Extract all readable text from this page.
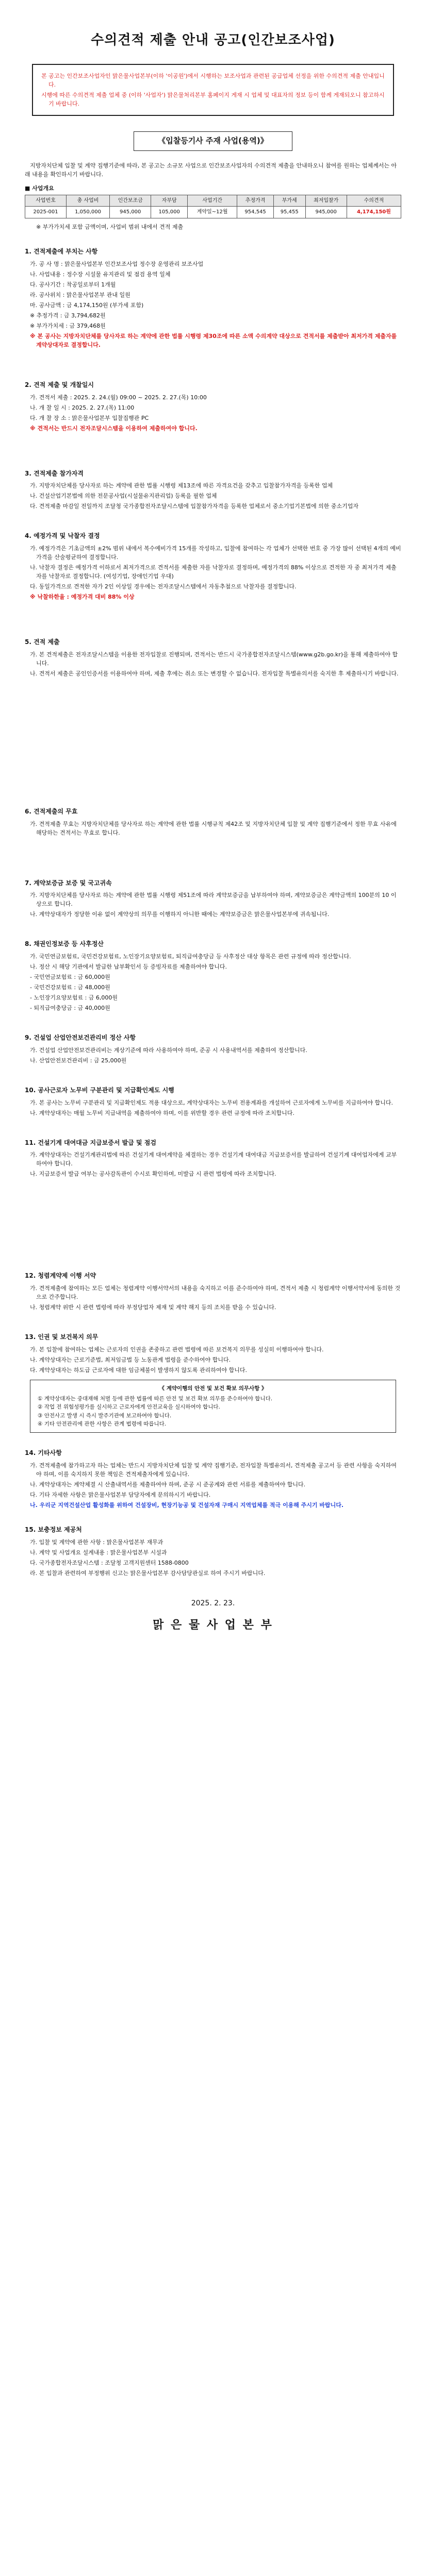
수의견적 제출 안내 공고(인간보조사업)

본 공고는 인간보조사업자인 맑은물사업본부(이하 '이공원')에서 시행하는 보조사업과 관련된 공급업체 선정을 위한 수의견적 제출 안내입니다.

시행에 따른 수의견적 제출 업체 중 (이하 '사업자') 맑은물처리본부 홈페이지 게재 시 업체 및 대표자의 정보 등이 함께 게재되오니 참고하시기 바랍니다.

《입찰등기사 주재 사업(용역)》

지방자치단체 입찰 및 계약 집행기준에 따라, 본 공고는 소규모 사업으로 인간보조사업자의 수의견적 제출을 안내하오니 참여를 원하는 업체께서는 아래 내용을 확인하시기 바랍니다.

■ 사업개요
사업번호	총 사업비	인간보조금	자부담	사업기간	추정가격	부가세	최저입찰가	수의견적
2025-001	1,050,000	945,000	105,000	계약일~12월	954,545	95,455	945,000	4,174,150원

※ 부가가치세 포함 금액이며, 사업비 범위 내에서 견적 제출

1. 견적제출에 부치는 사항

가. 공 사 명 : 맑은물사업본부 인간보조사업 정수장 운영관리 보조사업

나. 사업내용 : 정수장 시설물 유지관리 및 점검 용역 일체

다. 공사기간 : 착공일로부터 1개월

라. 공사위치 : 맑은물사업본부 관내 일원

마. 공사금액 : 금 4,174,150원 (부가세 포함)

※ 추정가격 : 금 3,794,682원

※ 부가가치세 : 금 379,468원

※ 본 공사는 지방자치단체를 당사자로 하는 계약에 관한 법률 시행령 제30조에 따른 소액 수의계약 대상으로 견적서를 제출받아 최저가격 제출자를 계약상대자로 결정합니다.

2. 견적 제출 및 개찰일시

가. 견적서 제출 : 2025. 2. 24.(월) 09:00 ~ 2025. 2. 27.(목) 10:00

나. 개 찰 일 시 : 2025. 2. 27.(목) 11:00

다. 개 찰 장 소 : 맑은물사업본부 입찰집행관 PC

※ 견적서는 반드시 전자조달시스템을 이용하여 제출하여야 합니다.

3. 견적제출 참가자격

가. 지방자치단체를 당사자로 하는 계약에 관한 법률 시행령 제13조에 따른 자격요건을 갖추고 입찰참가자격을 등록한 업체

나. 건설산업기본법에 의한 전문공사업(시설물유지관리업) 등록을 필한 업체

다. 견적제출 마감일 전일까지 조달청 국가종합전자조달시스템에 입찰참가자격을 등록한 업체로서 중소기업기본법에 의한 중소기업자

4. 예정가격 및 낙찰자 결정

가. 예정가격은 기초금액의 ±2% 범위 내에서 복수예비가격 15개를 작성하고, 입찰에 참여하는 각 업체가 선택한 번호 중 가장 많이 선택된 4개의 예비가격을 산술평균하여 결정합니다.

나. 낙찰자 결정은 예정가격 이하로서 최저가격으로 견적서를 제출한 자를 낙찰자로 결정하며, 예정가격의 88% 이상으로 견적한 자 중 최저가격 제출자를 낙찰자로 결정합니다. (여성기업, 장애인기업 우대)

다. 동일가격으로 견적한 자가 2인 이상일 경우에는 전자조달시스템에서 자동추첨으로 낙찰자를 결정합니다.

※ 낙찰하한율 : 예정가격 대비 88% 이상

5. 견적 제출

가. 본 견적제출은 전자조달시스템을 이용한 전자입찰로 진행되며, 견적서는 반드시 국가종합전자조달시스템(www.g2b.go.kr)을 통해 제출하여야 합니다.

나. 견적서 제출은 공인인증서를 이용하여야 하며, 제출 후에는 취소 또는 변경할 수 없습니다. 전자입찰 특별유의서를 숙지한 후 제출하시기 바랍니다.

6. 견적제출의 무효

가. 견적제출 무효는 지방자치단체를 당사자로 하는 계약에 관한 법률 시행규칙 제42조 및 지방자치단체 입찰 및 계약 집행기준에서 정한 무효 사유에 해당하는 견적서는 무효로 합니다.

7. 계약보증금 보증 및 국고귀속

가. 지방자치단체를 당사자로 하는 계약에 관한 법률 시행령 제51조에 따라 계약보증금을 납부하여야 하며, 계약보증금은 계약금액의 100분의 10 이상으로 합니다.

나. 계약상대자가 정당한 이유 없이 계약상의 의무를 이행하지 아니한 때에는 계약보증금은 맑은물사업본부에 귀속됩니다.

8. 채권인정보증 등 사후정산

가. 국민연금보험료, 국민건강보험료, 노인장기요양보험료, 퇴직급여충당금 등 사후정산 대상 항목은 관련 규정에 따라 정산합니다.

나. 정산 시 해당 기관에서 발급한 납부확인서 등 증빙자료를 제출하여야 합니다.

- 국민연금보험료 : 금 60,000원

- 국민건강보험료 : 금 48,000원

- 노인장기요양보험료 : 금 6,000원

- 퇴직급여충당금 : 금 40,000원

9. 건설업 산업안전보건관리비 정산 사항

가. 건설업 산업안전보건관리비는 계상기준에 따라 사용하여야 하며, 준공 시 사용내역서를 제출하여 정산합니다.

나. 산업안전보건관리비 : 금 25,000원

10. 공사근로자 노무비 구분관리 및 지급확인제도 시행

가. 본 공사는 노무비 구분관리 및 지급확인제도 적용 대상으로, 계약상대자는 노무비 전용계좌를 개설하여 근로자에게 노무비를 지급하여야 합니다.

나. 계약상대자는 매월 노무비 지급내역을 제출하여야 하며, 이를 위반할 경우 관련 규정에 따라 조치합니다.

11. 건설기계 대여대금 지급보증서 발급 및 점검

가. 계약상대자는 건설기계관리법에 따른 건설기계 대여계약을 체결하는 경우 건설기계 대여대금 지급보증서를 발급하여 건설기계 대여업자에게 교부하여야 합니다.

나. 지급보증서 발급 여부는 공사감독관이 수시로 확인하며, 미발급 시 관련 법령에 따라 조치합니다.

12. 청렴계약제 이행 서약

가. 견적제출에 참여하는 모든 업체는 청렴계약 이행서약서의 내용을 숙지하고 이를 준수하여야 하며, 견적서 제출 시 청렴계약 이행서약서에 동의한 것으로 간주합니다.

나. 청렴계약 위반 시 관련 법령에 따라 부정당업자 제재 및 계약 해지 등의 조치를 받을 수 있습니다.

13. 인권 및 보건복지 의무

가. 본 입찰에 참여하는 업체는 근로자의 인권을 존중하고 관련 법령에 따른 보건복지 의무를 성실히 이행하여야 합니다.

나. 계약상대자는 근로기준법, 최저임금법 등 노동관계 법령을 준수하여야 합니다.

다. 계약상대자는 하도급 근로자에 대한 임금체불이 발생하지 않도록 관리하여야 합니다.

《 계약이행의 안전 및 보건 확보 의무사항 》
① 계약상대자는 중대재해 처벌 등에 관한 법률에 따른 안전 및 보건 확보 의무를 준수하여야 합니다.
② 작업 전 위험성평가를 실시하고 근로자에게 안전교육을 실시하여야 합니다.
③ 안전사고 발생 시 즉시 발주기관에 보고하여야 합니다.
④ 기타 안전관리에 관한 사항은 관계 법령에 따릅니다.
14. 기타사항

가. 견적제출에 참가하고자 하는 업체는 반드시 지방자치단체 입찰 및 계약 집행기준, 전자입찰 특별유의서, 견적제출 공고서 등 관련 사항을 숙지하여야 하며, 이를 숙지하지 못한 책임은 견적제출자에게 있습니다.

나. 계약상대자는 계약체결 시 산출내역서를 제출하여야 하며, 준공 시 준공계와 관련 서류를 제출하여야 합니다.

다. 기타 자세한 사항은 맑은물사업본부 담당자에게 문의하시기 바랍니다.

나. 우리군 지역건설산업 활성화를 위하여 건설장비, 현장기능공 및 건설자재 구매시 지역업체를 적극 이용해 주시기 바랍니다.

15. 보충정보 제공처

가. 입찰 및 계약에 관한 사항 : 맑은물사업본부 재무과

나. 계약 및 사업개요 설계내용 : 맑은물사업본부 시설과

다. 국가종합전자조달시스템 : 조달청 고객지원센터 1588-0800

라. 본 입찰과 관련하여 부정행위 신고는 맑은물사업본부 감사담당관실로 하여 주시기 바랍니다.

2025. 2. 23.
맑 은 물 사 업 본 부
